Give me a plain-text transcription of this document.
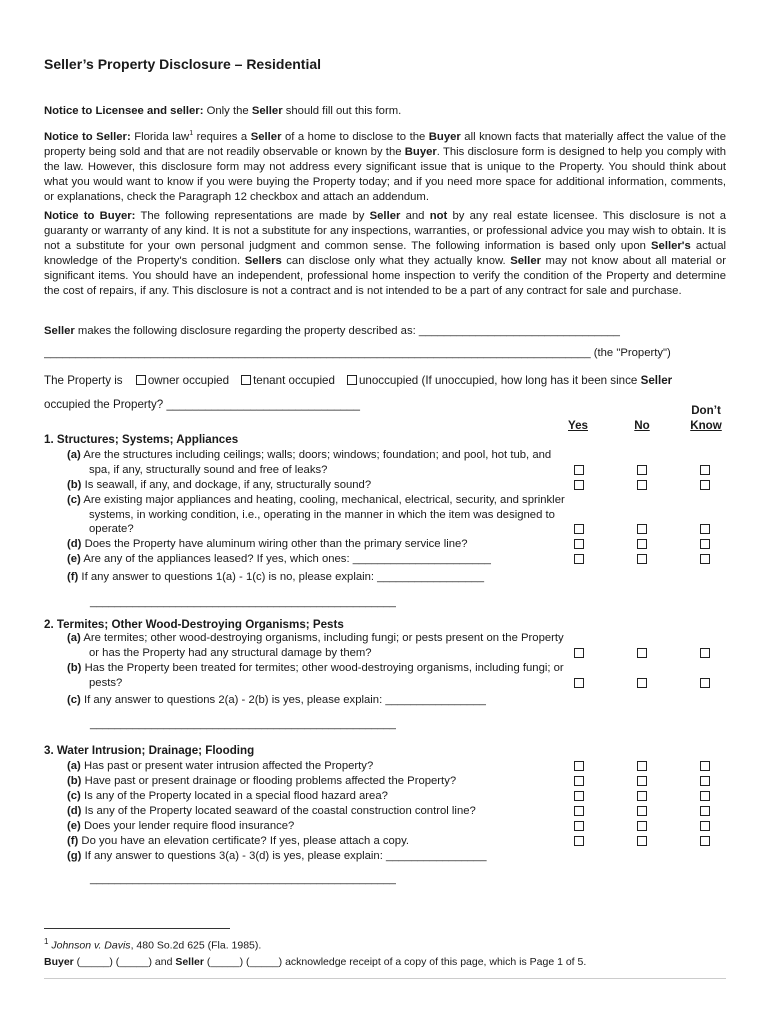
Seller’s Property Disclosure – Residential
Notice to Licensee and seller: Only the Seller should fill out this form.
Notice to Seller: Florida law$^1$ requires a Seller of a home to disclose to the Buyer all known facts that materially affect the value of the property being sold and that are not readily observable or known by the Buyer. This disclosure form is designed to help you comply with the law. However, this disclosure form may not address every significant issue that is unique to the Property. You should think about what you would want to know if you were buying the Property today; and if you need more space for additional information, comments, or explanations, check the Paragraph 12 checkbox and attach an addendum.
Notice to Buyer: The following representations are made by Seller and not by any real estate licensee. This disclosure is not a guaranty or warranty of any kind. It is not a substitute for any inspections, warranties, or professional advice you may wish to obtain. It is not a substitute for your own personal judgment and common sense. The following information is based only upon Seller's actual knowledge of the Property's condition. Sellers can disclose only what they actually know. Seller may not know about all material or significant items. You should have an independent, professional home inspection to verify the condition of the Property and determine the cost of repairs, if any. This disclosure is not a contract and is not intended to be a part of any contract for sale and purchase.
Seller makes the following disclosure regarding the property described as: ________________________________
_______________________________________________________________________________________ (the "Property")
The Property is owner occupied tenant occupied unoccupied (If unoccupied, how long has it been since Seller
occupied the Property? ______________________________
Yes	No
Don’t
Know
1. Structures; Systems; Appliances
(a) Are the structures including ceilings; walls; doors; windows; foundation; and pool, hot tub, and spa, if any, structurally sound and free of leaks?
(b) Is seawall, if any, and dockage, if any, structurally sound?
(c) Are existing major appliances and heating, cooling, mechanical, electrical, security, and sprinkler systems, in working condition, i.e., operating in the manner in which the item was designed to operate?
(d) Does the Property have aluminum wiring other than the primary service line?
(e) Are any of the appliances leased? If yes, which ones: ______________________
(f) If any answer to questions 1(a) - 1(c) is no, please explain: _________________
__________________________________________________
2. Termites; Other Wood-Destroying Organisms; Pests
(a) Are termites; other wood-destroying organisms, including fungi; or pests present on the Property or has the Property had any structural damage by them?
(b) Has the Property been treated for termites; other wood-destroying organisms, including fungi; or pests?
(c) If any answer to questions 2(a) - 2(b) is yes, please explain: ________________
__________________________________________________
3. Water Intrusion; Drainage; Flooding
(a) Has past or present water intrusion affected the Property?
(b) Have past or present drainage or flooding problems affected the Property?
(c) Is any of the Property located in a special flood hazard area?
(d) Is any of the Property located seaward of the coastal construction control line?
(e) Does your lender require flood insurance?
(f) Do you have an elevation certificate? If yes, please attach a copy.
(g) If any answer to questions 3(a) - 3(d) is yes, please explain: ________________
__________________________________________________
$^1$ Johnson v. Davis, 480 So.2d 625 (Fla. 1985).
Buyer (_____) (_____) and Seller (_____) (_____) acknowledge receipt of a copy of this page, which is Page 1 of 5.
